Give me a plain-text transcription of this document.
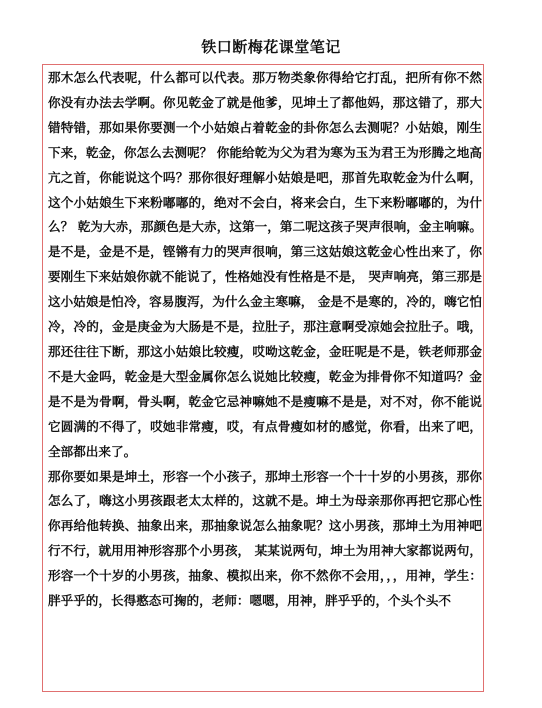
铁口断梅花课堂笔记

那木怎么代表呢，什么都可以代表。那万物类象你得给它打乱，把所有你不然你没有办法去学啊。你见乾金了就是他爹，见坤土了都他妈，那这错了，那大错特错，那如果你要测一个小姑娘占着乾金的卦你怎么去测呢？小姑娘，刚生下来，乾金，你怎么去测呢？ 你能给乾为父为君为寒为玉为君王为形腾之地高亢之首，你能说这个吗？那你很好理解小姑娘是吧，那首先取乾金为什么啊，这个小姑娘生下来粉嘟嘟的，绝对不会白，将来会白，生下来粉嘟嘟的，为什么？ 乾为大赤，那颜色是大赤，这第一，第二呢这孩子哭声很响，金主响嘛。是不是，金是不是，铿锵有力的哭声很响，第三这姑娘这乾金心性出来了，你要刚生下来姑娘你就不能说了，性格她没有性格是不是， 哭声响亮，第三那是这小姑娘是怕冷，容易腹泻，为什么金主寒嘛， 金是不是寒的，冷的，嗨它怕冷，冷的，金是庚金为大肠是不是，拉肚子，那注意啊受凉她会拉肚子。哦，那还往往下断，那这小姑娘比较瘦，哎呦这乾金，金旺呢是不是，铁老师那金不是大金吗，乾金是大型金属你怎么说她比较瘦，乾金为排骨你不知道吗？金是不是为骨啊，骨头啊，乾金它忌神嘛她不是瘦嘛不是是，对不对，你不能说它圆满的不得了，哎她非常瘦，哎，有点骨瘦如材的感觉，你看，出来了吧，全部都出来了。

那你要如果是坤土，形容一个小孩子，那坤土形容一个十十岁的小男孩，那你怎么了，嗨这小男孩跟老太太样的，这就不是。坤土为母亲那你再把它那心性你再给他转换、抽象出来，那抽象说怎么抽象呢？这小男孩，那坤土为用神吧行不行，就用用神形容那个小男孩， 某某说两句，坤土为用神大家都说两句，形容一个十岁的小男孩，抽象、模拟出来，你不然你不会用，，，用神，学生：胖乎乎的，长得憨态可掬的，老师：嗯嗯，用神，胖乎乎的，个头个头不
